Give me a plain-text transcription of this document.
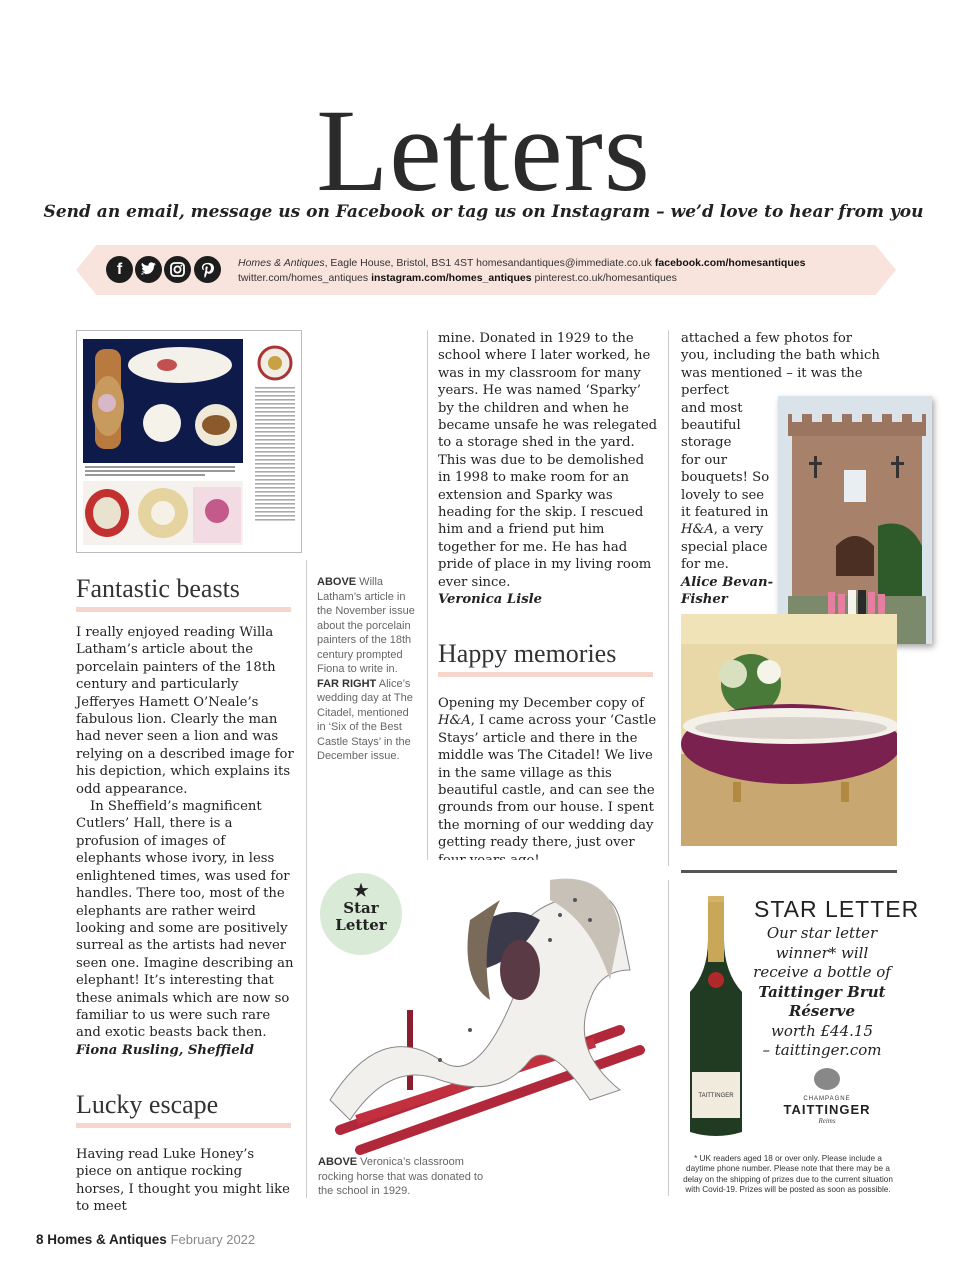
Letters
Send an email, message us on Facebook or tag us on Instagram – we’d love to hear from you
f	Homes & Antiques, Eagle House, Bristol, BS1 4ST homesandantiques@immediate.co.uk facebook.com/homesantiques
twitter.com/homes_antiques instagram.com/homes_antiques pinterest.co.uk/homesantiques
Fantastic beasts
I really enjoyed reading Willa Latham’s article about the porcelain painters of the 18th century and particularly Jefferyes Hamett O’Neale’s fabulous lion. Clearly the man had never seen a lion and was relying on a described image for his depiction, which explains its odd appearance.
In Sheffield’s magnificent Cutlers’ Hall, there is a profusion of images of elephants whose ivory, in less enlightened times, was used for handles. There too, most of the elephants are rather weird looking and some are positively surreal as the artists had never seen one. Imagine describing an elephant! It’s interesting that these animals which are now so familiar to us were such rare and exotic beasts back then.
Fiona Rusling, Sheffield
Lucky escape
Having read Luke Honey’s piece on antique rocking horses, I thought you might like to meet
ABOVE Willa Latham’s article in the November issue about the porcelain painters of the 18th century prompted Fiona to write in. FAR RIGHT Alice’s wedding day at The Citadel, mentioned in ‘Six of the Best Castle Stays’ in the December issue.
mine. Donated in 1929 to the school where I later worked, he was in my classroom for many years. He was named ‘Sparky’ by the children and when he became unsafe he was relegated to a storage shed in the yard. This was due to be demolished in 1998 to make room for an extension and Sparky was heading for the skip. I rescued him and a friend put him together for me. He has had pride of place in my living room ever since.
Veronica Lisle
Happy memories
Opening my December copy of H&A, I came across your ‘Castle Stays’ article and there in the middle was The Citadel! We live in the same village as this beautiful castle, and can see the grounds from our house. I spent the morning of our wedding day getting ready there, just over
attached a few photos for you, including the bath which was mentioned – it was the perfect
and most
beautiful
storage
for our
bouquets! So
lovely to see
it featured in
H&A, a very
special place
for me.
Alice Bevan-
Fisher
★
Star
Letter
ABOVE Veronica’s classroom rocking horse that was donated to the school in 1929.
TAITTINGER
STAR LETTER
Our star letter
winner* will
receive a bottle of
Taittinger Brut
Réserve
worth £44.15
– taittinger.com
CHAMPAGNE
TAITTINGER
Reims
* UK readers aged 18 or over only. Please include a daytime phone number. Please note that there may be a delay on the shipping of prizes due to the current situation with Covid-19. Prizes will be posted as soon as possible.
8 Homes & Antiques February 2022
